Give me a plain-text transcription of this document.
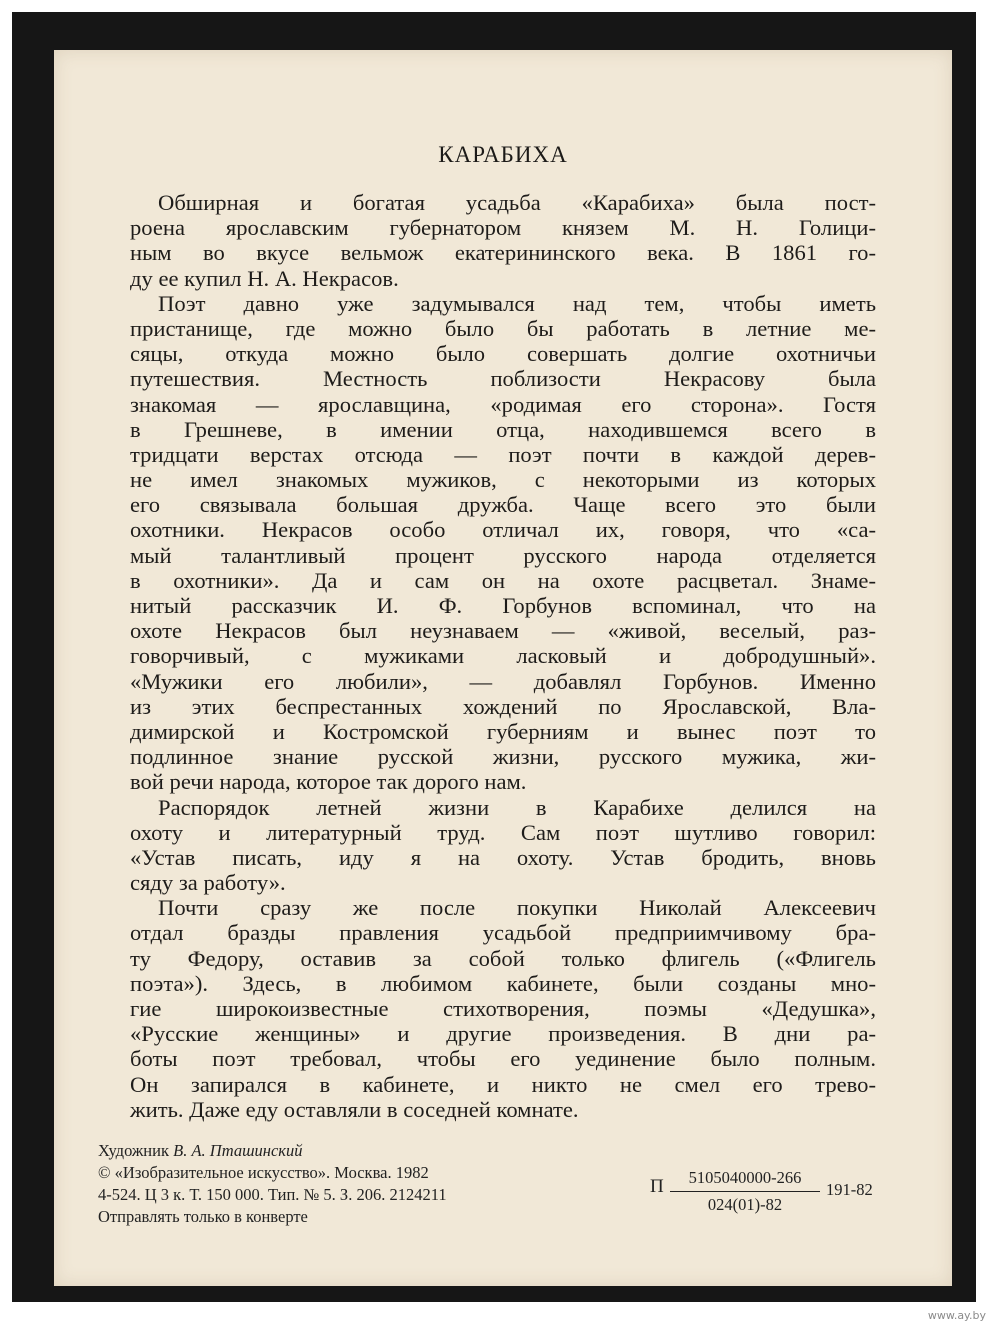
КАРАБИХА
Обширная и богатая усадьба «Карабиха» была пост-
роена ярославским губернатором князем М. Н. Голици-
ным во вкусе вельмож екатерининского века. В 1861 го-
ду ее купил Н. А. Некрасов.
Поэт давно уже задумывался над тем, чтобы иметь
пристанище, где можно было бы работать в летние ме-
сяцы, откуда можно было совершать долгие охотничьи
путешествия. Местность поблизости Некрасову была
знакомая — ярославщина, «родимая его сторона». Гостя
в Грешневе, в имении отца, находившемся всего в
тридцати верстах отсюда — поэт почти в каждой дерев-
не имел знакомых мужиков, с некоторыми из которых
его связывала большая дружба. Чаще всего это были
охотники. Некрасов особо отличал их, говоря, что «са-
мый талантливый процент русского народа отделяется
в охотники». Да и сам он на охоте расцветал. Знаме-
нитый рассказчик И. Ф. Горбунов вспоминал, что на
охоте Некрасов был неузнаваем — «живой, веселый, раз-
говорчивый, с мужиками ласковый и добродушный».
«Мужики его любили», — добавлял Горбунов. Именно
из этих беспрестанных хождений по Ярославской, Вла-
димирской и Костромской губерниям и вынес поэт то
подлинное знание русской жизни, русского мужика, жи-
вой речи народа, которое так дорого нам.
Распорядок летней жизни в Карабихе делился на
охоту и литературный труд. Сам поэт шутливо говорил:
«Устав писать, иду я на охоту. Устав бродить, вновь
сяду за работу».
Почти сразу же после покупки Николай Алексеевич
отдал бразды правления усадьбой предприимчивому бра-
ту Федору, оставив за собой только флигель («Флигель
поэта»). Здесь, в любимом кабинете, были созданы мно-
гие широкоизвестные стихотворения, поэмы «Дедушка»,
«Русские женщины» и другие произведения. В дни ра-
боты поэт требовал, чтобы его уединение было полным.
Он запирался в кабинете, и никто не смел его трево-
жить. Даже еду оставляли в соседней комнате.
Художник В. А. Пташинский
© «Изобразительное искусство». Москва. 1982
4-524. Ц 3 к. Т. 150 000. Тип. № 5. З. 206. 2124211
Отправлять только в конверте
П $\frac{5105040000-266}{024(01)-82} 191-82$
www.ay.by
